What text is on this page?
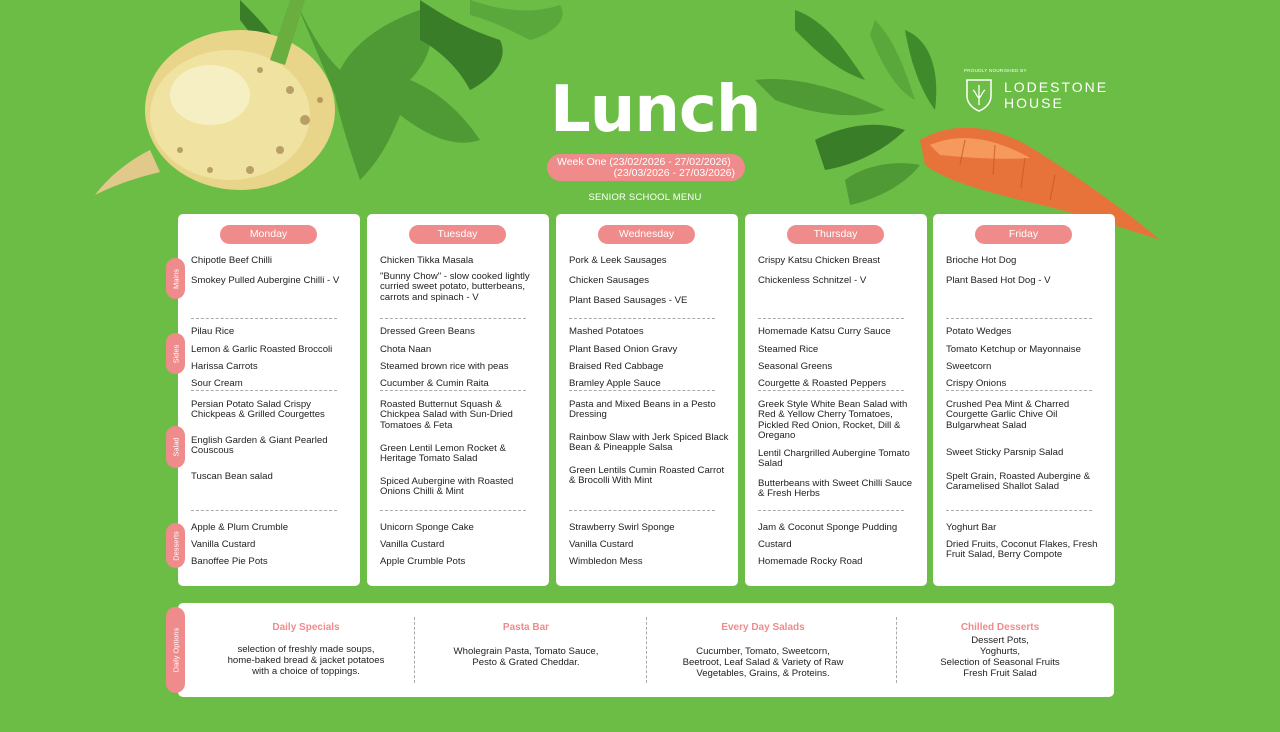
Lunch
Week One (23/02/2026 - 27/02/2026)
(23/03/2026 - 27/03/2026)
SENIOR SCHOOL MENU
PROUDLY NOURISHED BY
LODESTONE
HOUSE
Monday
Chipotle Beef Chilli
Smokey Pulled Aubergine Chilli - V
Pilau Rice
Lemon & Garlic Roasted Broccoli
Harissa Carrots
Sour Cream
Persian Potato Salad Crispy Chickpeas & Grilled Courgettes
English Garden & Giant Pearled Couscous
Tuscan Bean salad
Apple & Plum Crumble
Vanilla Custard
Banoffee Pie Pots
Tuesday
Chicken Tikka Masala
"Bunny Chow" - slow cooked lightly curried sweet potato, butterbeans, carrots and spinach - V
Dressed Green Beans
Chota Naan
Steamed brown rice with peas
Cucumber & Cumin Raita
Roasted Butternut Squash & Chickpea Salad with Sun-Dried Tomatoes & Feta
Green Lentil Lemon Rocket & Heritage Tomato Salad
Spiced Aubergine with Roasted Onions Chilli & Mint
Unicorn Sponge Cake
Vanilla Custard
Apple Crumble Pots
Wednesday
Pork & Leek Sausages
Chicken Sausages
Plant Based Sausages - VE
Mashed Potatoes
Plant Based Onion Gravy
Braised Red Cabbage
Bramley Apple Sauce
Pasta and Mixed Beans in a Pesto Dressing
Rainbow Slaw with Jerk Spiced Black Bean & Pineapple Salsa
Green Lentils Cumin Roasted Carrot & Brocolli With Mint
Strawberry Swirl Sponge
Vanilla Custard
Wimbledon Mess
Thursday
Crispy Katsu Chicken Breast
Chickenless Schnitzel - V
Homemade Katsu Curry Sauce
Steamed Rice
Seasonal Greens
Courgette & Roasted Peppers
Greek Style White Bean Salad with Red & Yellow Cherry Tomatoes, Pickled Red Onion, Rocket, Dill & Oregano
Lentil Chargrilled Aubergine Tomato Salad
Butterbeans with Sweet Chilli Sauce & Fresh Herbs
Jam & Coconut Sponge Pudding
Custard
Homemade Rocky Road
Friday
Brioche Hot Dog
Plant Based Hot Dog - V
Potato Wedges
Tomato Ketchup or Mayonnaise
Sweetcorn
Crispy Onions
Crushed Pea Mint & Charred Courgette Garlic Chive Oil Bulgarwheat Salad
Sweet Sticky Parsnip Salad
Spelt Grain, Roasted Aubergine & Caramelised Shallot Salad
Yoghurt Bar
Dried Fruits, Coconut Flakes, Fresh Fruit Salad, Berry Compote
Mains
Sides
Salad
Desserts
Daily Specials
selection of freshly made soups,
home-baked bread & jacket potatoes
with a choice of toppings.
Pasta Bar
Wholegrain Pasta, Tomato Sauce,
Pesto & Grated Cheddar.
Every Day Salads
Cucumber, Tomato, Sweetcorn,
Beetroot, Leaf Salad & Variety of Raw
Vegetables, Grains, & Proteins.
Chilled Desserts
Dessert Pots,
Yoghurts,
Selection of Seasonal Fruits
Fresh Fruit Salad
Daily Options
